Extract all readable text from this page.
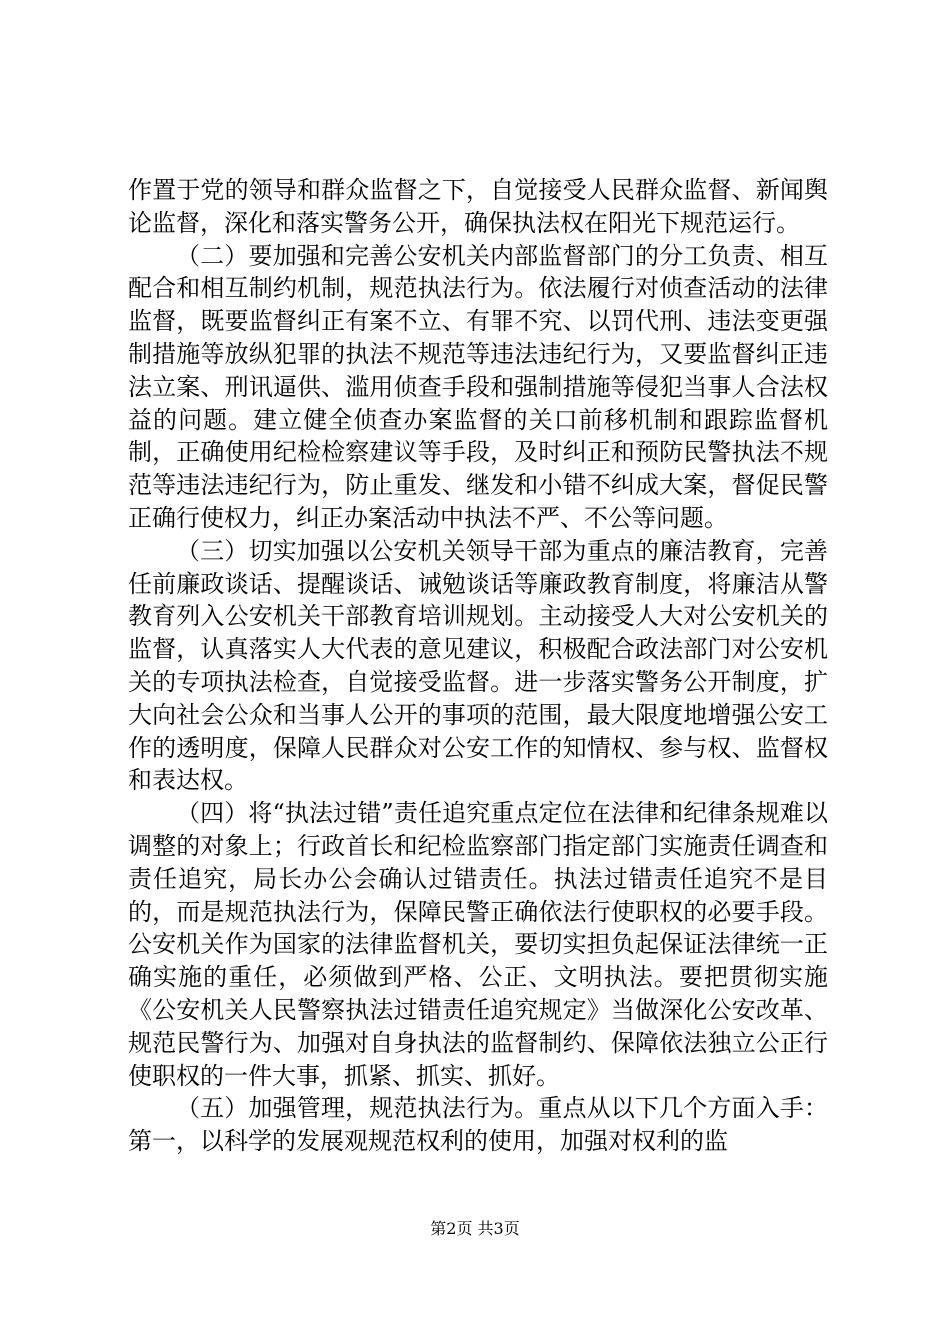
作置于党的领导和群众监督之下，自觉接受人民群众监督、新闻舆论监督，深化和落实警务公开，确保执法权在阳光下规范运行。

（二）要加强和完善公安机关内部监督部门的分工负责、相互配合和相互制约机制，规范执法行为。依法履行对侦查活动的法律监督，既要监督纠正有案不立、有罪不究、以罚代刑、违法变更强制措施等放纵犯罪的执法不规范等违法违纪行为，又要监督纠正违法立案、刑讯逼供、滥用侦查手段和强制措施等侵犯当事人合法权益的问题。建立健全侦查办案监督的关口前移机制和跟踪监督机制，正确使用纪检检察建议等手段，及时纠正和预防民警执法不规范等违法违纪行为，防止重发、继发和小错不纠成大案，督促民警正确行使权力，纠正办案活动中执法不严、不公等问题。

（三）切实加强以公安机关领导干部为重点的廉洁教育，完善任前廉政谈话、提醒谈话、诫勉谈话等廉政教育制度，将廉洁从警教育列入公安机关干部教育培训规划。主动接受人大对公安机关的监督，认真落实人大代表的意见建议，积极配合政法部门对公安机关的专项执法检查，自觉接受监督。进一步落实警务公开制度，扩大向社会公众和当事人公开的事项的范围，最大限度地增强公安工作的透明度，保障人民群众对公安工作的知情权、参与权、监督权和表达权。

（四）将“执法过错”责任追究重点定位在法律和纪律条规难以调整的对象上；行政首长和纪检监察部门指定部门实施责任调查和责任追究，局长办公会确认过错责任。执法过错责任追究不是目的，而是规范执法行为，保障民警正确依法行使职权的必要手段。公安机关作为国家的法律监督机关，要切实担负起保证法律统一正确实施的重任，必须做到严格、公正、文明执法。要把贯彻实施《公安机关人民警察执法过错责任追究规定》当做深化公安改革、规范民警行为、加强对自身执法的监督制约、保障依法独立公正行使职权的一件大事，抓紧、抓实、抓好。

（五）加强管理，规范执法行为。重点从以下几个方面入手：第一，以科学的发展观规范权利的使用，加强对权利的监

第2页 共3页
